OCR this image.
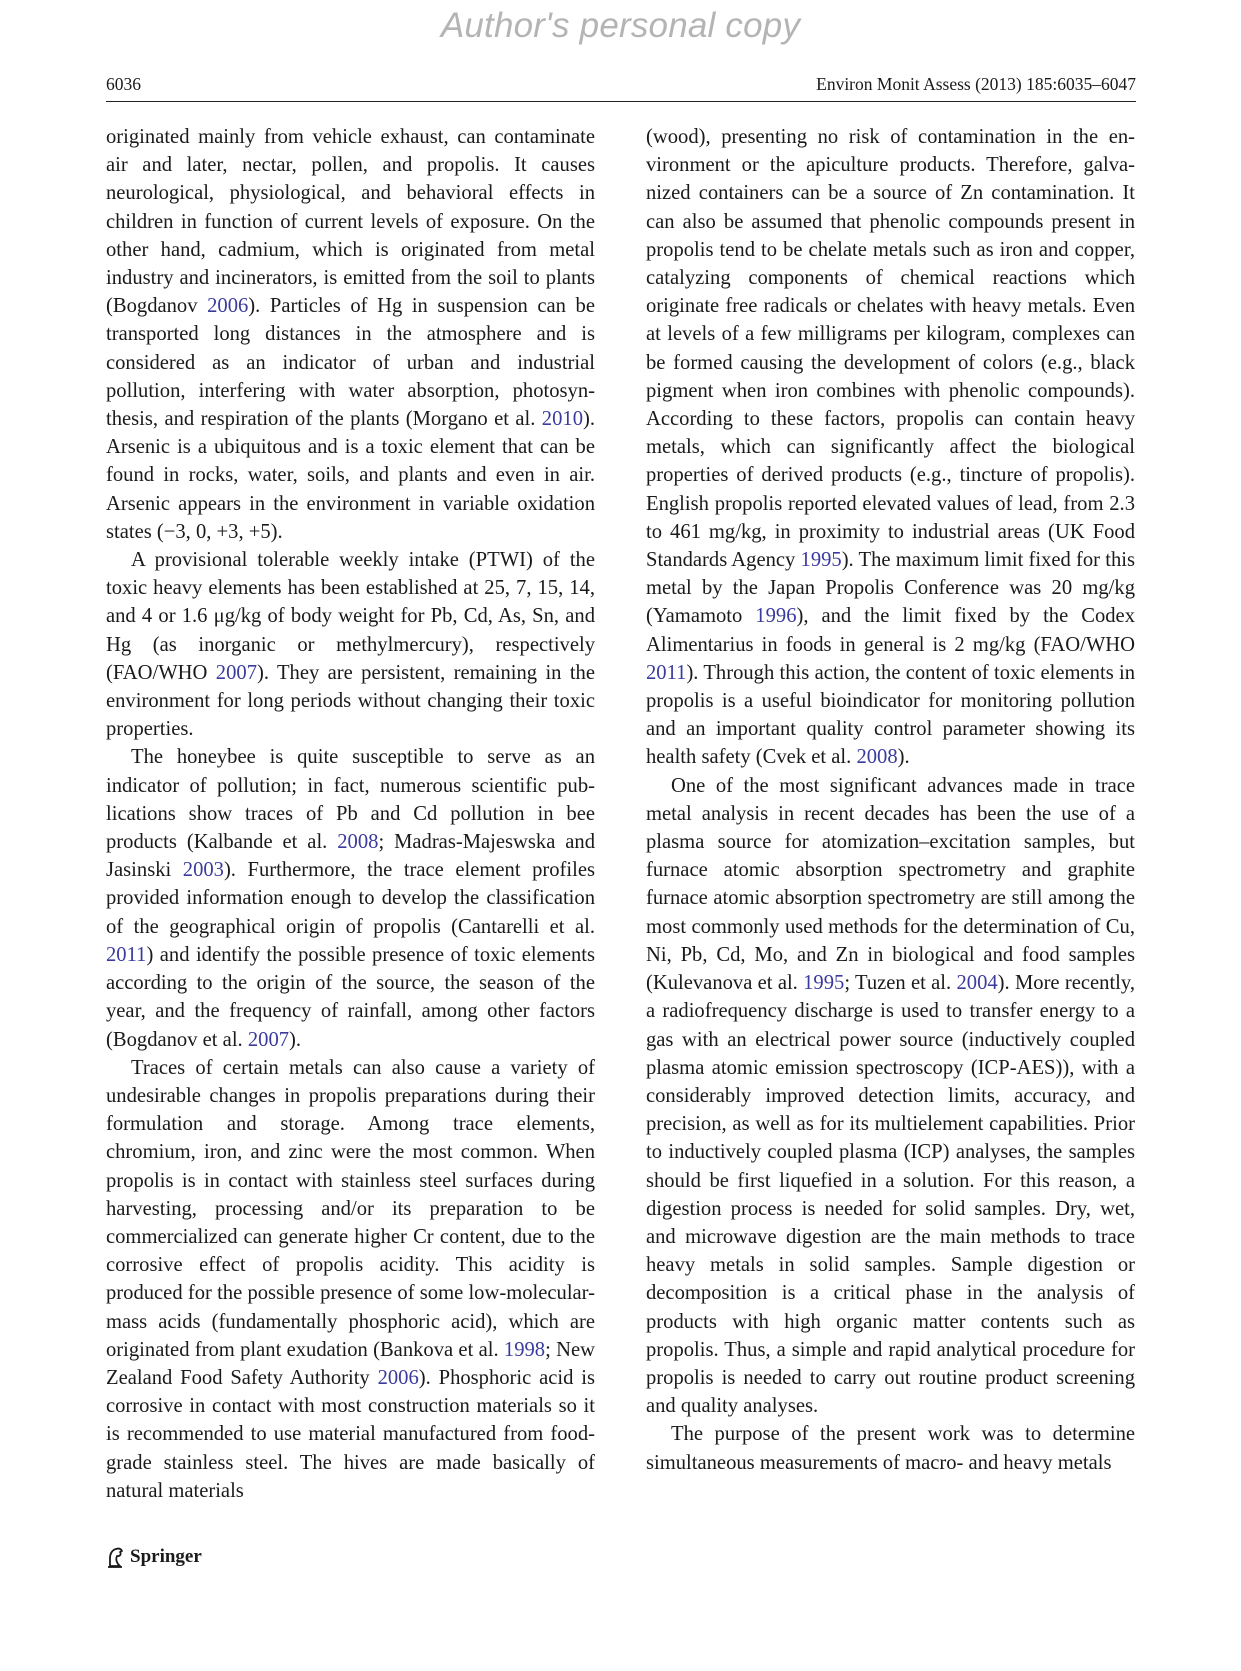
Author's personal copy
6036	Environ Monit Assess (2013) 185:6035–6047

originated mainly from vehicle exhaust, can contaminate air and later, nectar, pollen, and propolis. It causes neurological, physiological, and behavioral effects in children in function of current levels of exposure. On the other hand, cadmium, which is originated from metal industry and incinerators, is emitted from the soil to plants (Bogdanov 2006). Particles of Hg in suspension can be transported long distances in the atmosphere and is considered as an indicator of urban and industrial pollution, interfering with water absorption, photosynthesis, and respiration of the plants (Morgano et al. 2010). Arsenic is a ubiquitous and is a toxic element that can be found in rocks, water, soils, and plants and even in air. Arsenic appears in the environment in variable oxidation states (−3, 0, +3, +5).

A provisional tolerable weekly intake (PTWI) of the toxic heavy elements has been established at 25, 7, 15, 14, and 4 or 1.6 μg/kg of body weight for Pb, Cd, As, Sn, and Hg (as inorganic or methylmercury), respectively (FAO/WHO 2007). They are persistent, remaining in the environment for long periods without changing their toxic properties.

The honeybee is quite susceptible to serve as an indicator of pollution; in fact, numerous scientific publications show traces of Pb and Cd pollution in bee products (Kalbande et al. 2008; Madras-Majeswska and Jasinski 2003). Furthermore, the trace element profiles provided information enough to develop the classification of the geographical origin of propolis (Cantarelli et al. 2011) and identify the possible presence of toxic elements according to the origin of the source, the season of the year, and the frequency of rainfall, among other factors (Bogdanov et al. 2007).

Traces of certain metals can also cause a variety of undesirable changes in propolis preparations during their formulation and storage. Among trace elements, chromium, iron, and zinc were the most common. When propolis is in contact with stainless steel surfaces during harvesting, processing and/or its preparation to be commercialized can generate higher Cr content, due to the corrosive effect of propolis acidity. This acidity is produced for the possible presence of some low-molecular-mass acids (fundamentally phosphoric acid), which are originated from plant exudation (Bankova et al. 1998; New Zealand Food Safety Authority 2006). Phosphoric acid is corrosive in contact with most construction materials so it is recommended to use material manufactured from food-grade stainless steel. The hives are made basically of natural materials

(wood), presenting no risk of contamination in the environment or the apiculture products. Therefore, galvanized containers can be a source of Zn contamination. It can also be assumed that phenolic compounds present in propolis tend to be chelate metals such as iron and copper, catalyzing components of chemical reactions which originate free radicals or chelates with heavy metals. Even at levels of a few milligrams per kilogram, complexes can be formed causing the development of colors (e.g., black pigment when iron combines with phenolic compounds). According to these factors, propolis can contain heavy metals, which can significantly affect the biological properties of derived products (e.g., tincture of propolis). English propolis reported elevated values of lead, from 2.3 to 461 mg/kg, in proximity to industrial areas (UK Food Standards Agency 1995). The maximum limit fixed for this metal by the Japan Propolis Conference was 20 mg/kg (Yamamoto 1996), and the limit fixed by the Codex Alimentarius in foods in general is 2 mg/kg (FAO/WHO 2011). Through this action, the content of toxic elements in propolis is a useful bioindicator for monitoring pollution and an important quality control parameter showing its health safety (Cvek et al. 2008).

One of the most significant advances made in trace metal analysis in recent decades has been the use of a plasma source for atomization–excitation samples, but furnace atomic absorption spectrometry and graphite furnace atomic absorption spectrometry are still among the most commonly used methods for the determination of Cu, Ni, Pb, Cd, Mo, and Zn in biological and food samples (Kulevanova et al. 1995; Tuzen et al. 2004). More recently, a radiofrequency discharge is used to transfer energy to a gas with an electrical power source (inductively coupled plasma atomic emission spectroscopy (ICP-AES)), with a considerably improved detection limits, accuracy, and precision, as well as for its multielement capabilities. Prior to inductively coupled plasma (ICP) analyses, the samples should be first liquefied in a solution. For this reason, a digestion process is needed for solid samples. Dry, wet, and microwave digestion are the main methods to trace heavy metals in solid samples. Sample digestion or decomposition is a critical phase in the analysis of products with high organic matter contents such as propolis. Thus, a simple and rapid analytical procedure for propolis is needed to carry out routine product screening and quality analyses.

The purpose of the present work was to determine simultaneous measurements of macro- and heavy metals

Springer
